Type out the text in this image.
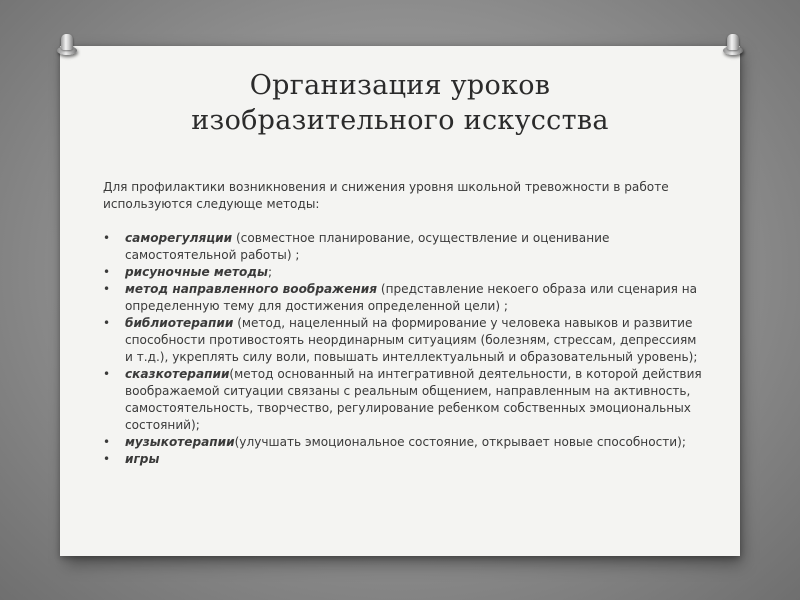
Организация уроков
изобразительного искусства

Для профилактики возникновения и снижения уровня школьной тревожности в работе используются следующе методы:

• саморегуляции (совместное планирование, осуществление и оценивание самостоятельной работы) ;
• рисуночные методы;
• метод направленного воображения (представление некоего образа или сценария на определенную тему для достижения определенной цели) ;
• библиотерапии (метод, нацеленный на формирование у человека навыков и развитие способности противостоять неординарным ситуациям (болезням, стрессам, депрессиям и т.д.), укреплять силу воли, повышать интеллектуальный и образовательный уровень);
• сказкотерапии(метод основанный на интегративной деятельности, в которой действия воображаемой ситуации связаны с реальным общением, направленным на активность, самостоятельность, творчество, регулирование ребенком собственных эмоциональных состояний);
• музыкотерапии(улучшать эмоциональное состояние, открывает новые способности);
• игры
